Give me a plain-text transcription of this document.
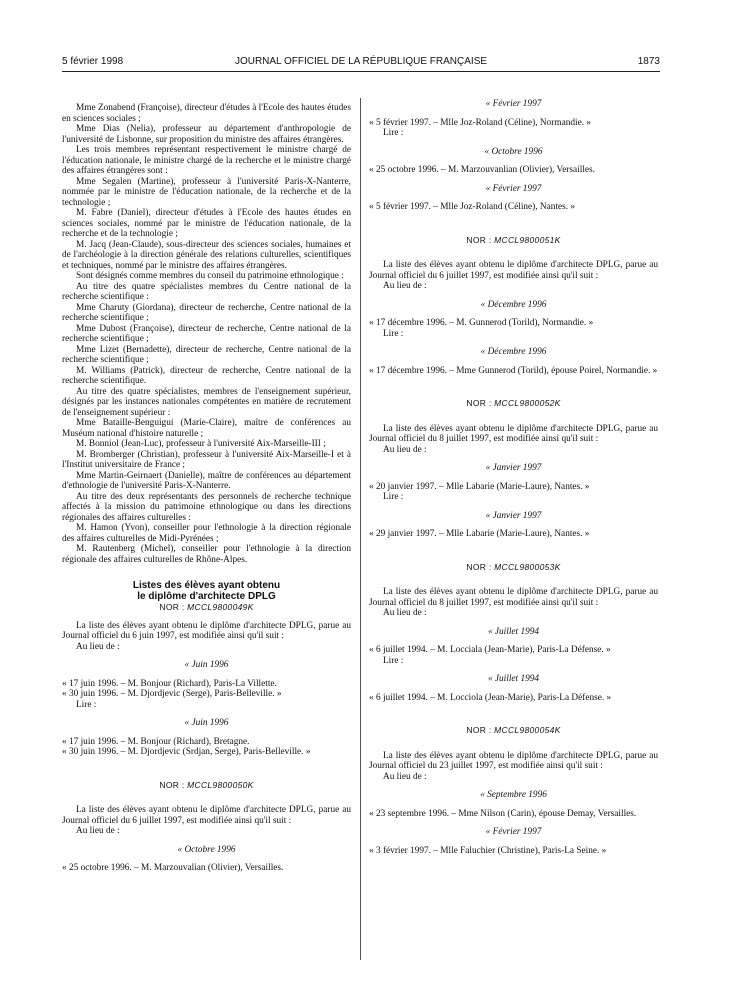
5 février 1998	JOURNAL OFFICIEL DE LA RÉPUBLIQUE FRANÇAISE	1873

Mme Zonabend (Françoise), directeur d'études à l'Ecole des hautes études en sciences sociales ;

Mme Dias (Nelia), professeur au département d'anthropologie de l'université de Lisbonne, sur proposition du ministre des affaires étrangères.

Les trois membres représentant respectivement le ministre chargé de l'éducation nationale, le ministre chargé de la recherche et le ministre chargé des affaires étrangères sont :

Mme Segalen (Martine), professeur à l'université Paris-X-Nanterre, nommée par le ministre de l'éducation nationale, de la recherche et de la technologie ;

M. Fabre (Daniel), directeur d'études à l'Ecole des hautes études en sciences sociales, nommé par le ministre de l'éducation nationale, de la recherche et de la technologie ;

M. Jacq (Jean-Claude), sous-directeur des sciences sociales, humaines et de l'archéologie à la direction générale des relations culturelles, scientifiques et techniques, nommé par le ministre des affaires étrangères.

Sont désignés comme membres du conseil du patrimoine ethnologique :

Au titre des quatre spécialistes membres du Centre national de la recherche scientifique :

Mme Charuty (Giordana), directeur de recherche, Centre national de la recherche scientifique ;

Mme Dubost (Françoise), directeur de recherche, Centre national de la recherche scientifique ;

Mme Lizet (Bernadette), directeur de recherche, Centre national de la recherche scientifique ;

M. Williams (Patrick), directeur de recherche, Centre national de la recherche scientifique.

Au titre des quatre spécialistes, membres de l'enseignement supérieur, désignés par les instances nationales compétentes en matière de recrutement de l'enseignement supérieur :

Mme Bataille-Benguigui (Marie-Claire), maître de conférences au Muséum national d'histoire naturelle ;

M. Bonniol (Jean-Luc), professeur à l'université Aix-Marseille-III ;

M. Bromberger (Christian), professeur à l'université Aix-Marseille-I et à l'Institut universitaire de France ;

Mme Martin-Geirnaert (Danielle), maître de conférences au département d'ethnologie de l'université Paris-X-Nanterre.

Au titre des deux représentants des personnels de recherche technique affectés à la mission du patrimoine ethnologique ou dans les directions régionales des affaires culturelles :

M. Hamon (Yvon), conseiller pour l'ethnologie à la direction régionale des affaires culturelles de Midi-Pyrénées ;

M. Rautenberg (Michel), conseiller pour l'ethnologie à la direction régionale des affaires culturelles de Rhône-Alpes.

Listes des élèves ayant obtenu

le diplôme d'architecte DPLG

NOR : MCCL9800049K

La liste des élèves ayant obtenu le diplôme d'architecte DPLG, parue au Journal officiel du 6 juin 1997, est modifiée ainsi qu'il suit :

Au lieu de :

« Juin 1996

« 17 juin 1996. – M. Bonjour (Richard), Paris-La Villette.

« 30 juin 1996. – M. Djordjevic (Serge), Paris-Belleville. »

Lire :

« Juin 1996

« 17 juin 1996. – M. Bonjour (Richard), Bretagne.

« 30 juin 1996. – M. Djordjevic (Srdjan, Serge), Paris-Belleville. »

NOR : MCCL9800050K

La liste des élèves ayant obtenu le diplôme d'architecte DPLG, parue au Journal officiel du 6 juillet 1997, est modifiée ainsi qu'il suit :

Au lieu de :

« Octobre 1996

« 25 octobre 1996. – M. Marzouvalian (Olivier), Versailles.

« Février 1997

« 5 février 1997. – Mlle Joz-Roland (Céline), Normandie. »

Lire :

« Octobre 1996

« 25 octobre 1996. – M. Marzouvanlian (Olivier), Versailles.

« Février 1997

« 5 février 1997. – Mlle Joz-Roland (Céline), Nantes. »

NOR : MCCL9800051K

La liste des élèves ayant obtenu le diplôme d'architecte DPLG, parue au Journal officiel du 6 juillet 1997, est modifiée ainsi qu'il suit :

Au lieu de :

« Décembre 1996

« 17 décembre 1996. – M. Gunnerod (Torild), Normandie. »

Lire :

« Décembre 1996

« 17 décembre 1996. – Mme Gunnerod (Torild), épouse Poirel, Normandie. »

NOR : MCCL9800052K

La liste des élèves ayant obtenu le diplôme d'architecte DPLG, parue au Journal officiel du 8 juillet 1997, est modifiée ainsi qu'il suit :

Au lieu de :

« Janvier 1997

« 20 janvier 1997. – Mlle Labarie (Marie-Laure), Nantes. »

Lire :

« Janvier 1997

« 29 janvier 1997. – Mlle Labarie (Marie-Laure), Nantes. »

NOR : MCCL9800053K

La liste des élèves ayant obtenu le diplôme d'architecte DPLG, parue au Journal officiel du 8 juillet 1997, est modifiée ainsi qu'il suit :

Au lieu de :

« Juillet 1994

« 6 juillet 1994. – M. Locciala (Jean-Marie), Paris-La Défense. »

Lire :

« Juillet 1994

« 6 juillet 1994. – M. Locciola (Jean-Marie), Paris-La Défense. »

NOR : MCCL9800054K

La liste des élèves ayant obtenu le diplôme d'architecte DPLG, parue au Journal officiel du 23 juillet 1997, est modifiée ainsi qu'il suit :

Au lieu de :

« Septembre 1996

« 23 septembre 1996. – Mme Nilson (Carin), épouse Demay, Versailles.

« Février 1997

« 3 février 1997. – Mlle Faluchier (Christine), Paris-La Seine. »
